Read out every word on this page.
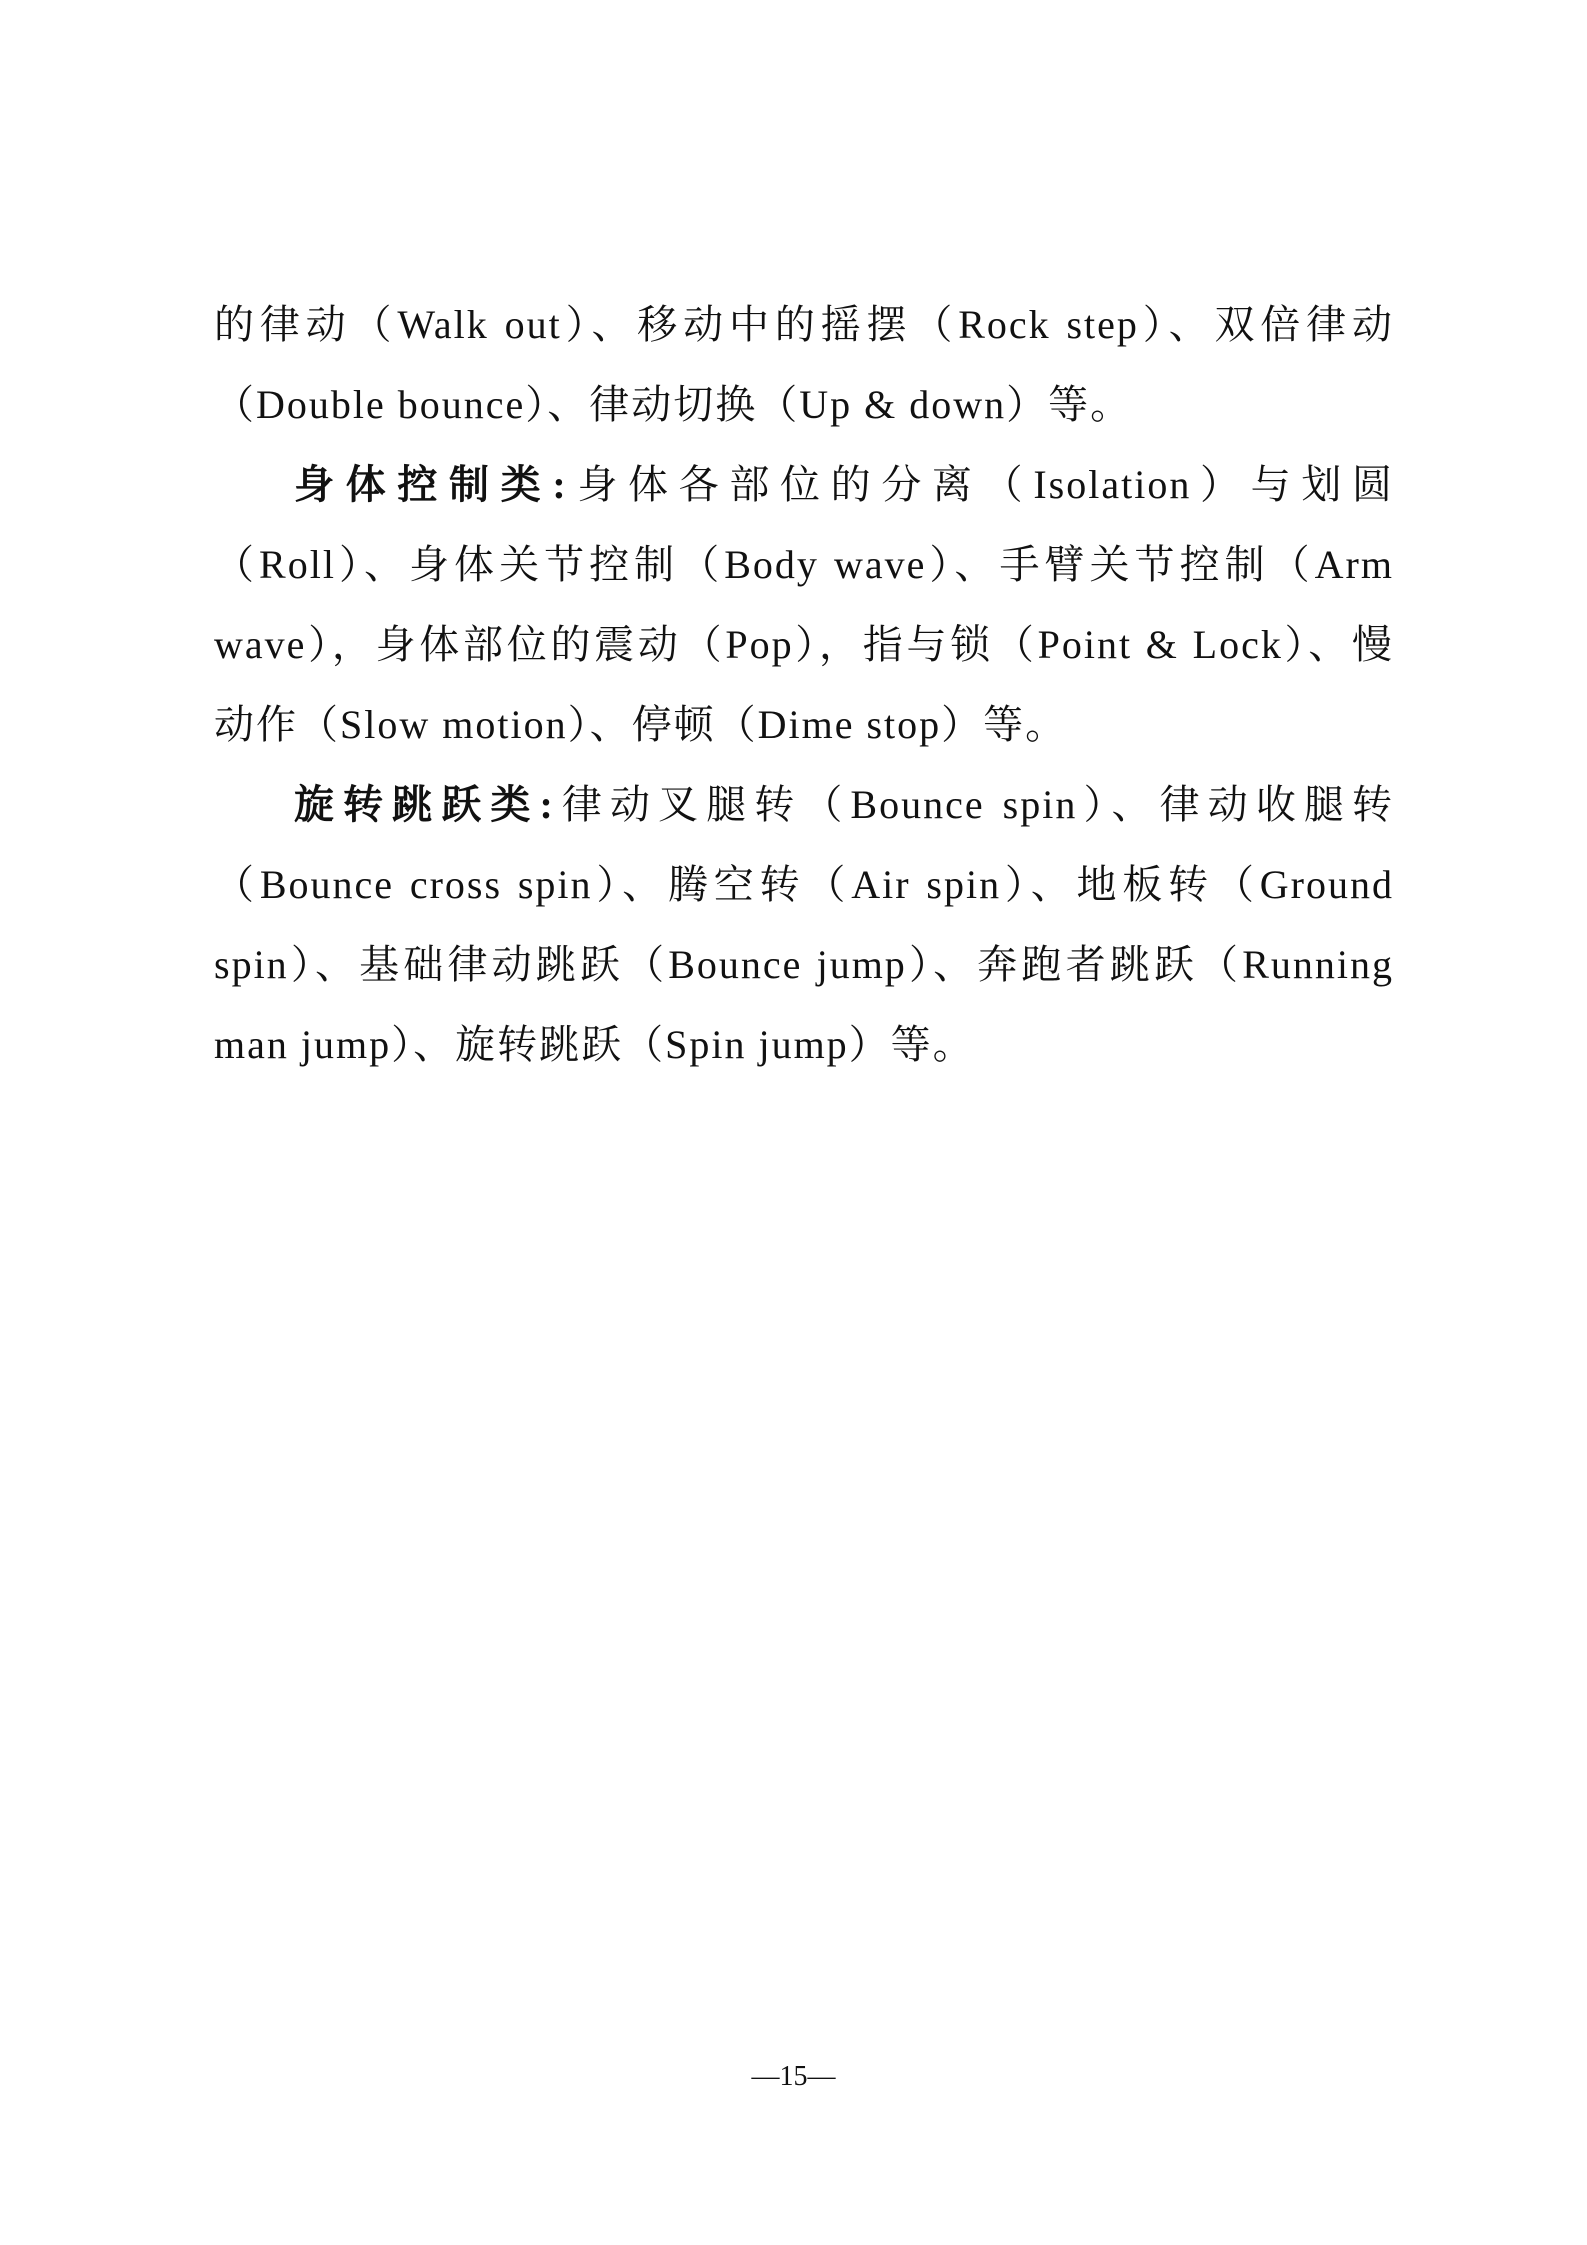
的律动（Walk out）、移动中的摇摆（Rock step）、双倍律动（Double bounce）、律动切换（Up & down）等。

身体控制类:身体各部位的分离（Isolation）与划圆（Roll）、身体关节控制（Body wave）、手臂关节控制（Arm wave），身体部位的震动（Pop），指与锁（Point & Lock）、慢动作（Slow motion）、停顿（Dime stop）等。

旋转跳跃类:律动叉腿转（Bounce spin）、律动收腿转（Bounce cross spin）、腾空转（Air spin）、地板转（Ground spin）、基础律动跳跃（Bounce jump）、奔跑者跳跃（Running man jump）、旋转跳跃（Spin jump）等。

—15—
